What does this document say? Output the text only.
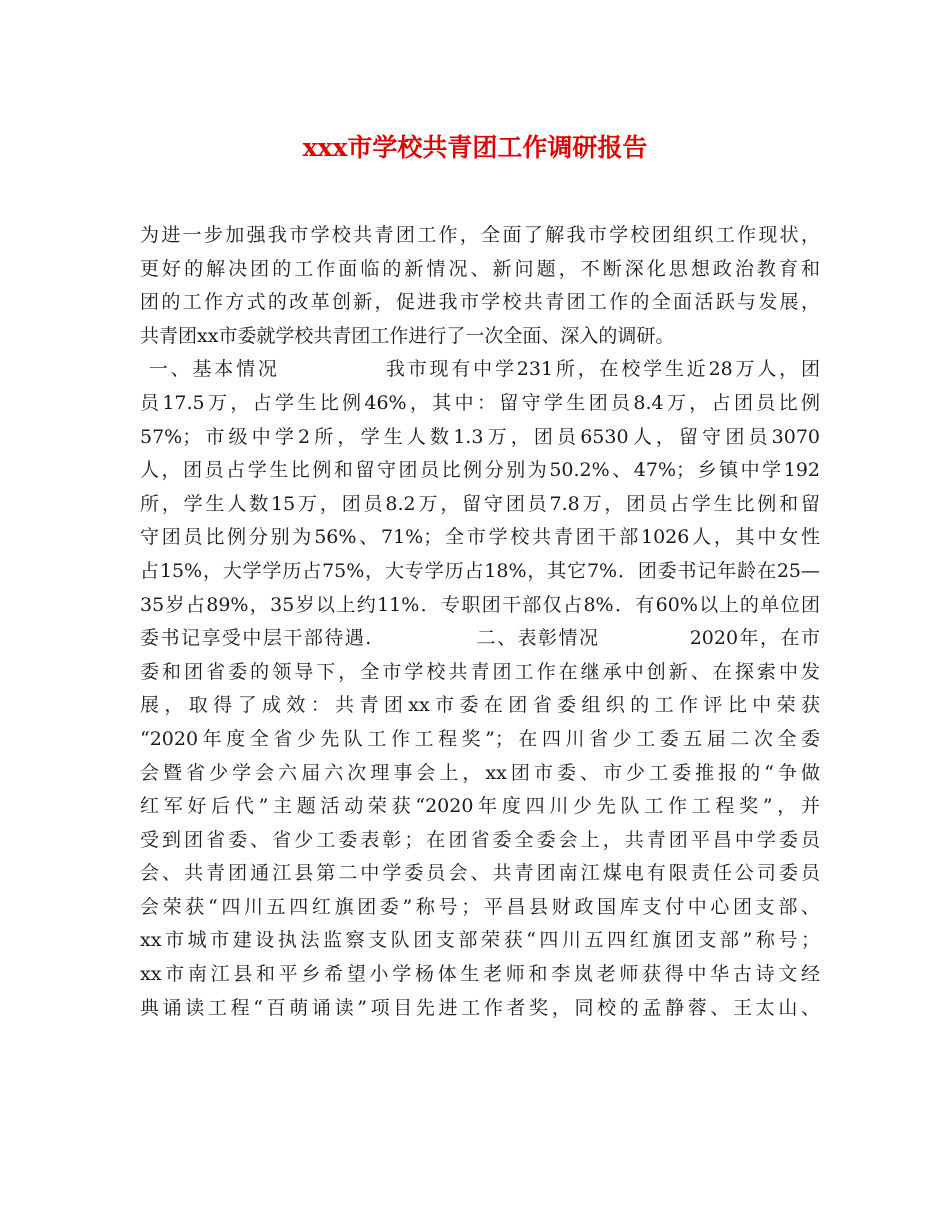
xxx市学校共青团工作调研报告
为进一步加强我市学校共青团工作，全面了解我市学校团组织工作现状，
更好的解决团的工作面临的新情况、新问题，不断深化思想政治教育和
团的工作方式的改革创新，促进我市学校共青团工作的全面活跃与发展，
共青团xx市委就学校共青团工作进行了一次全面、深入的调研。
一、基本情况            我市现有中学231所，在校学生近28万人，团
员17.5万，占学生比例46%，其中：留守学生团员8.4万，占团员比例
57%；市级中学2所，学生人数1.3万，团员6530人，留守团员3070
人，团员占学生比例和留守团员比例分别为50.2%、47%；乡镇中学192
所，学生人数15万，团员8.2万，留守团员7.8万，团员占学生比例和留
守团员比例分别为56%、71%；全市学校共青团干部1026人，其中女性
占15%，大学学历占75%，大专学历占18%，其它7%．团委书记年龄在25—
35岁占89%，35岁以上约11%．专职团干部仅占8%．有60%以上的单位团
委书记享受中层干部待遇.              二、表彰情况            2020年，在市
委和团省委的领导下，全市学校共青团工作在继承中创新、在探索中发
展，取得了成效：共青团xx市委在团省委组织的工作评比中荣获
“2020年度全省少先队工作工程奖”；在四川省少工委五届二次全委
会暨省少学会六届六次理事会上，xx团市委、市少工委推报的“争做
红军好后代”主题活动荣获“2020年度四川少先队工作工程奖”，并
受到团省委、省少工委表彰；在团省委全委会上，共青团平昌中学委员
会、共青团通江县第二中学委员会、共青团南江煤电有限责任公司委员
会荣获“四川五四红旗团委”称号；平昌县财政国库支付中心团支部、
xx市城市建设执法监察支队团支部荣获“四川五四红旗团支部”称号；
xx市南江县和平乡希望小学杨体生老师和李岚老师获得中华古诗文经
典诵读工程“百萌诵读”项目先进工作者奖，同校的孟静蓉、王太山、
